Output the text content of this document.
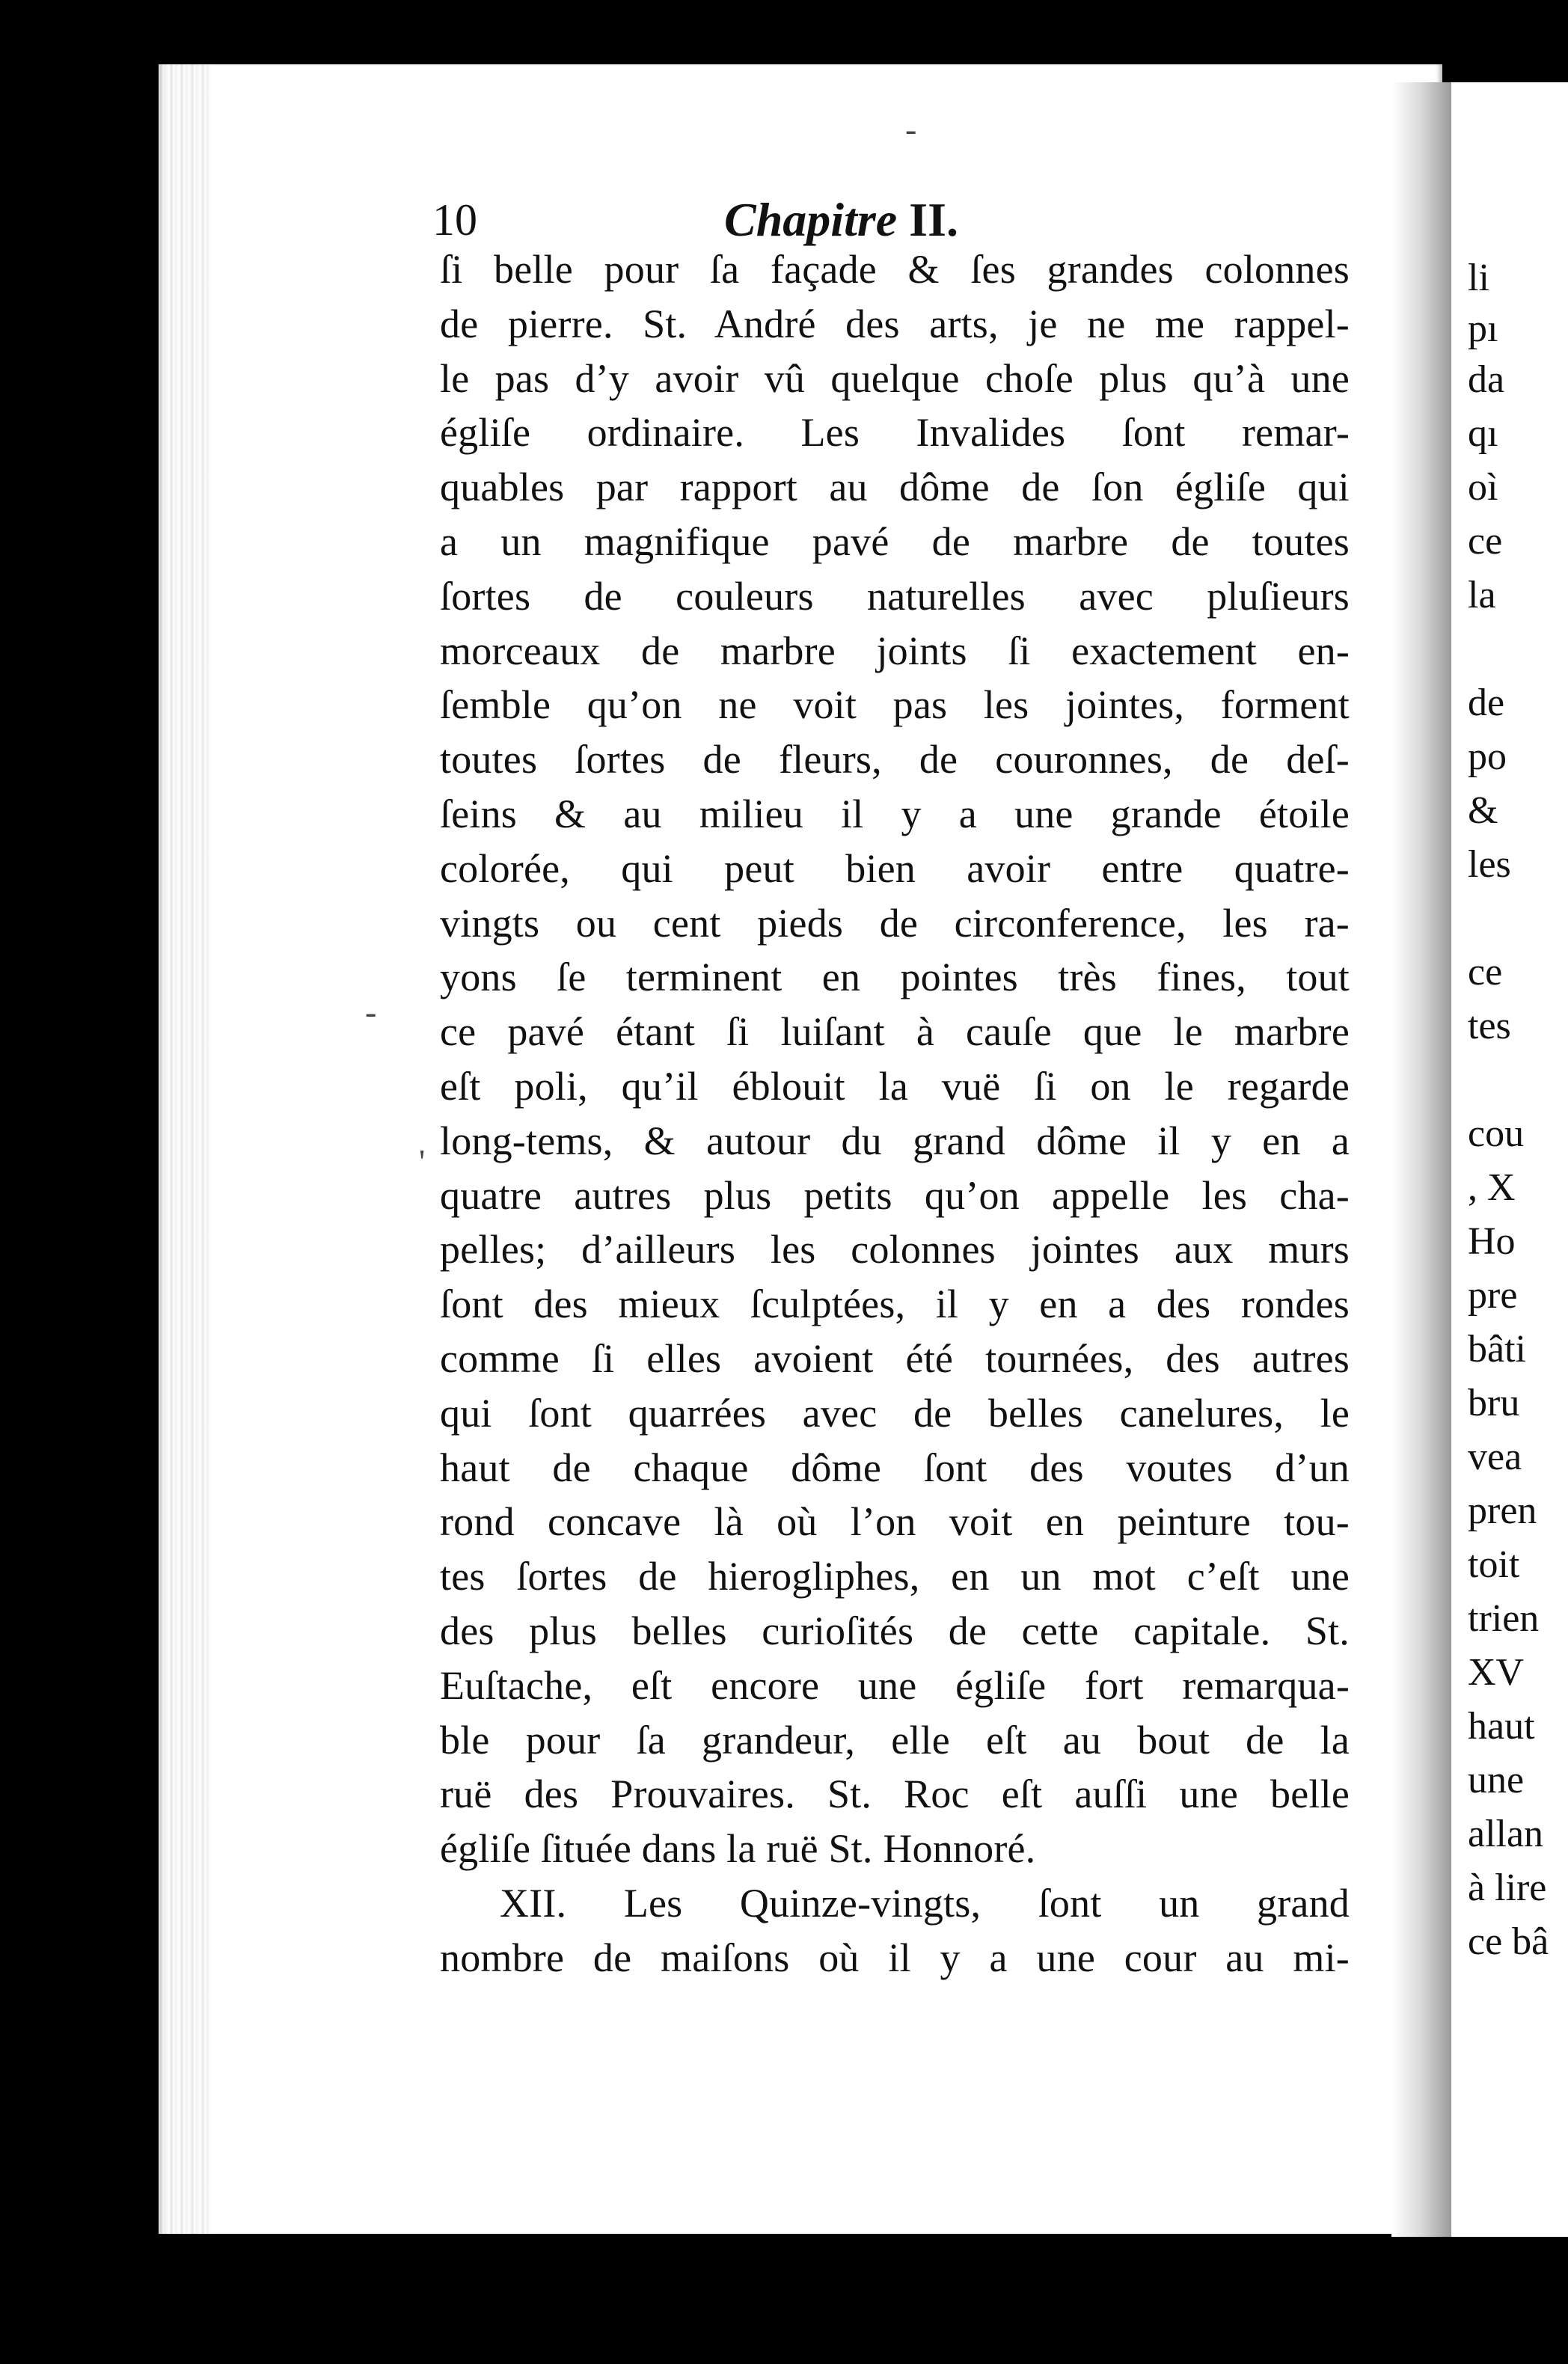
li
pı
da
qı
oì
ce
la
de
po
&
les
ce
tes
cou
, X
Ho
pre
bâti
bru
vea
pren
toit
trien
XV
haut
une
allan
à lire
ce bâ
10	Chapitre II.
ſi belle pour ſa façade & ſes grandes colonnes
de pierre. St. André des arts, je ne me rappel-
le pas d’y avoir vû quelque choſe plus qu’à une
égliſe ordinaire. Les Invalides ſont remar-
quables par rapport au dôme de ſon égliſe qui
a un magnifique pavé de marbre de toutes
ſortes de couleurs naturelles avec pluſieurs
morceaux de marbre joints ſi exactement en-
ſemble qu’on ne voit pas les jointes, forment
toutes ſortes de fleurs, de couronnes, de deſ-
ſeins & au milieu il y a une grande étoile
colorée, qui peut bien avoir entre quatre-
vingts ou cent pieds de circonference, les ra-
yons ſe terminent en pointes très fines, tout
ce pavé étant ſi luiſant à cauſe que le marbre
eſt poli, qu’il éblouit la vuë ſi on le regarde
long-tems, & autour du grand dôme il y en a
quatre autres plus petits qu’on appelle les cha-
pelles; d’ailleurs les colonnes jointes aux murs
ſont des mieux ſculptées, il y en a des rondes
comme ſi elles avoient été tournées, des autres
qui ſont quarrées avec de belles canelures, le
haut de chaque dôme ſont des voutes d’un
rond concave là où l’on voit en peinture tou-
tes ſortes de hierogliphes, en un mot c’eſt une
des plus belles curioſités de cette capitale. St.
Euſtache, eſt encore une égliſe fort remarqua-
ble pour ſa grandeur, elle eſt au bout de la
ruë des Prouvaires. St. Roc eſt auſſi une belle
égliſe ſituée dans la ruë St. Honnoré.
XII. Les Quinze-vingts, ſont un grand
nombre de maiſons où il y a une cour au mi-
-
-
'
